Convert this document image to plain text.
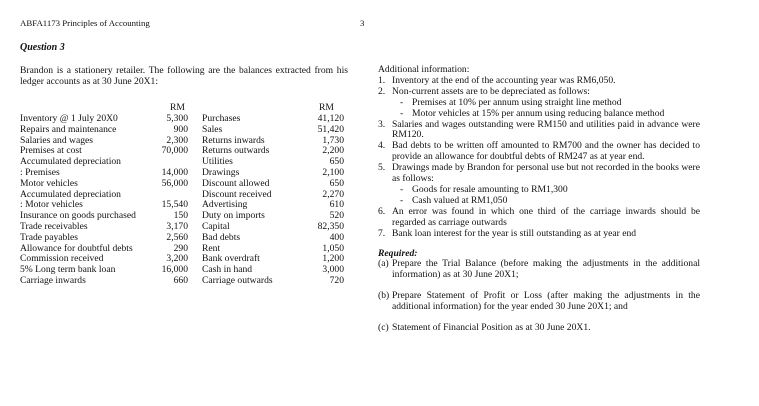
ABFA1173 Principles of Accounting	3
Question 3
Brandon is a stationery retailer. The following are the balances extracted from his ledger accounts as at 30 June 20X1:
RM	RM
Inventory @ 1 July 20X0
Repairs and maintenance
Salaries and wages
Premises at cost
Accumulated depreciation
: Premises
Motor vehicles
Accumulated depreciation
: Motor vehicles
Insurance on goods purchased
Trade receivables
Trade payables
Allowance for doubtful debts
Commission received
5% Long term bank loan
Carriage inwards
5,300
900
2,300
70,000
14,000
56,000
15,540
150
3,170
2,560
290
3,200
16,000
660
Purchases
Sales
Returns inwards
Returns outwards
Utilities
Drawings
Discount allowed
Discount received
Advertising
Duty on imports
Capital
Bad debts
Rent
Bank overdraft
Cash in hand
Carriage outwards
41,120
51,420
1,730
2,200
650
2,100
650
2,270
610
520
82,350
400
1,050
1,200
3,000
720
Additional information:
1. Inventory at the end of the accounting year was RM6,050.
2. Non-current assets are to be depreciated as follows:
- Premises at 10% per annum using straight line method
- Motor vehicles at 15% per annum using reducing balance method
3. Salaries and wages outstanding were RM150 and utilities paid in advance were RM120.
4. Bad debts to be written off amounted to RM700 and the owner has decided to provide an allowance for doubtful debts of RM247 as at year end.
5. Drawings made by Brandon for personal use but not recorded in the books were as follows:
- Goods for resale amounting to RM1,300
- Cash valued at RM1,050
6. An error was found in which one third of the carriage inwards should be regarded as carriage outwards
7. Bank loan interest for the year is still outstanding as at year end
Required:
(a) Prepare the Trial Balance (before making the adjustments in the additional information) as at 30 June 20X1;
(b) Prepare Statement of Profit or Loss (after making the adjustments in the additional information) for the year ended 30 June 20X1; and
(c) Statement of Financial Position as at 30 June 20X1.
